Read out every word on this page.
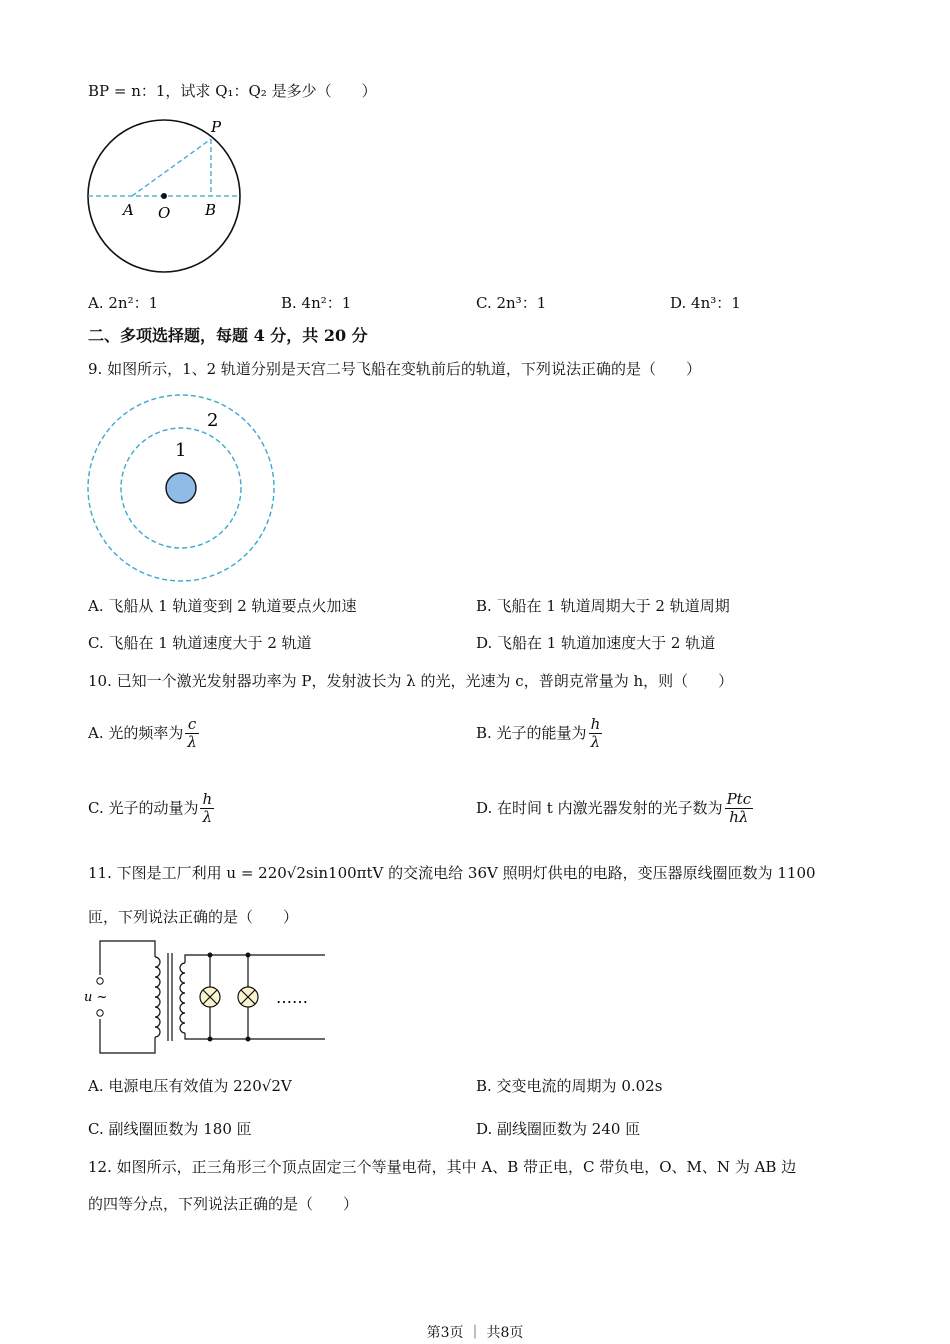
BP = n：1，试求 Q₁：Q₂ 是多少（　　）
P
A O B
A. 2n²：1	B. 4n²：1	C. 2n³：1	D. 4n³：1
二、多项选择题，每题 4 分，共 20 分
9. 如图所示，1、2 轨道分别是天宫二号飞船在变轨前后的轨道，下列说法正确的是（　　）
1
2
A. 飞船从 1 轨道变到 2 轨道要点火加速	B. 飞船在 1 轨道周期大于 2 轨道周期
C. 飞船在 1 轨道速度大于 2 轨道	D. 飞船在 1 轨道加速度大于 2 轨道
10. 已知一个激光发射器功率为 P，发射波长为 λ 的光，光速为 c，普朗克常量为 h，则（　　）
A. 光的频率为 $\frac{c}{\lambda}$	B. 光子的能量为 $\frac{h}{\lambda}$
C. 光子的动量为 $\frac{h}{\lambda}$	D. 在时间 t 内激光器发射的光子数为 $\frac{\text{Ptc}}{h\lambda}$
11. 下图是工厂利用 u = 220√2sin100πtV 的交流电给 36V 照明灯供电的电路，变压器原线圈匝数为 1100
匝，下列说法正确的是（　　）
u ~	……
A. 电源电压有效值为 220√2V	B. 交变电流的周期为 0.02s
C. 副线圈匝数为 180 匝	D. 副线圈匝数为 240 匝
12. 如图所示，正三角形三个顶点固定三个等量电荷，其中 A、B 带正电，C 带负电，O、M、N 为 AB 边
的四等分点，下列说法正确的是（　　）
第3页 ｜ 共8页
